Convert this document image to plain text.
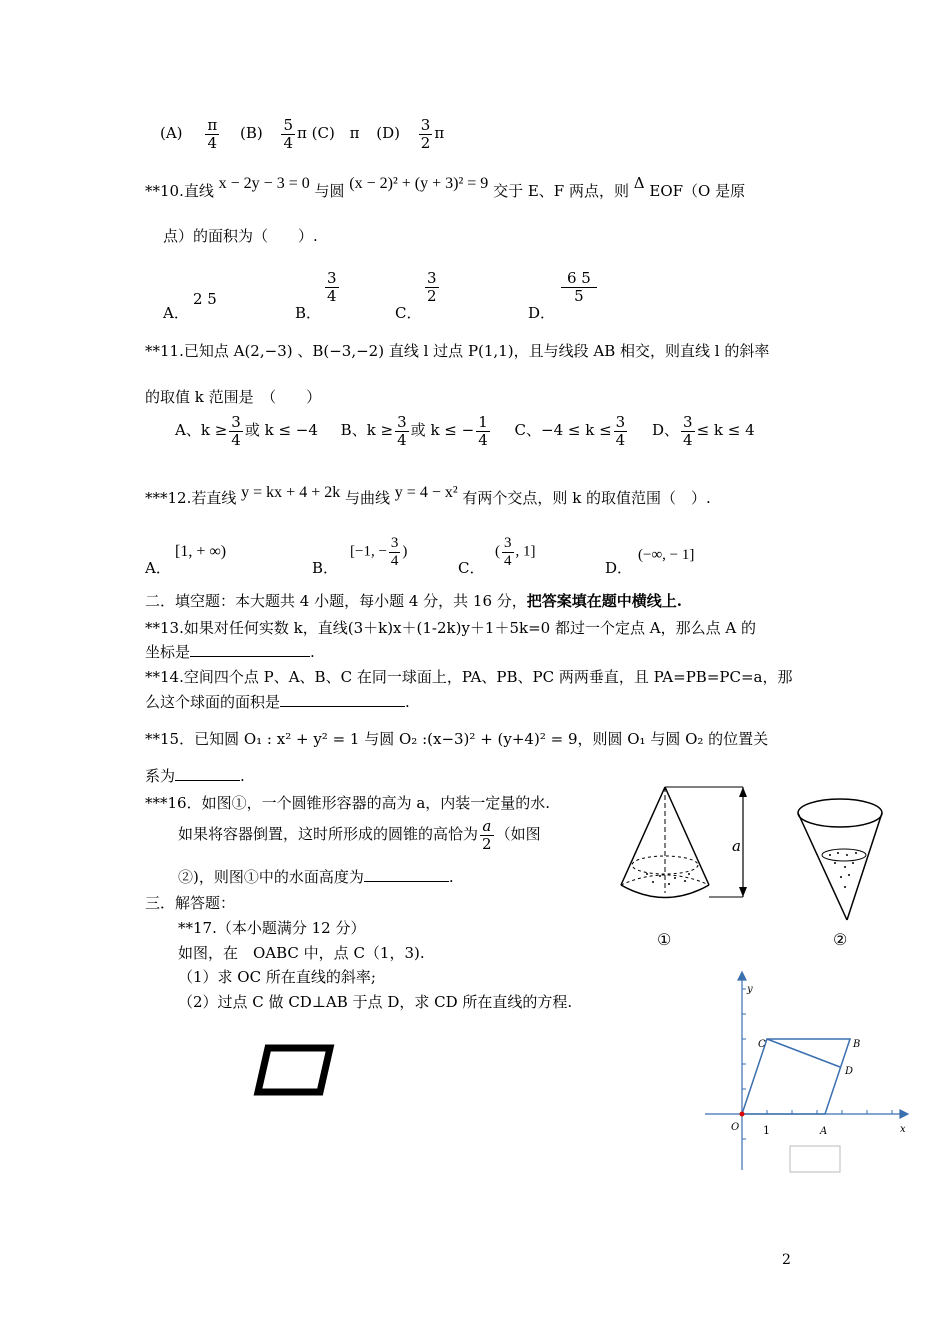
$(A) \frac{\pi}{4} (B) \frac{5}{4}$ π (C) π $(D) \frac{3}{2}$ π
**10.直线 x − 2y − 3 = 0 与圆 (x − 2)² + (y + 3)² = 9 交于 E、F 两点，则 Δ EOF（O 是原
点）的面积为（　　）.
A．
2 5
B．
$\frac{3}{4}$
C．
$\frac{3}{2}$
D．
$\frac{6 5}{5}$
**11.已知点 A(2,−3) 、B(−3,−2) 直线 l 过点 P(1,1)，且与线段 AB 相交，则直线 l 的斜率
的取值 k 范围是　（　　）
A、$k \ge \frac{3}{4}$ 或 k ≤ −4 B、$k \ge \frac{3}{4}$ 或 k ≤ − $\frac{1}{4}$ C、$-4 \le k \le \frac{3}{4}$ D、 $\frac{3}{4} \le k \le 4$
***12.若直线 y = kx + 4 + 2k 与曲线 y = 4 − x² 有两个交点，则 k 的取值范围（　）.
A．
[1, + ∞)
B．
[−1, − $\frac{3}{4}$ )
C．
( $\frac{3}{4}$ , 1]
D．
(−∞, − 1]
二．填空题：本大题共 4 小题，每小题 4 分，共 16 分，把答案填在题中横线上.
**13.如果对任何实数 k，直线(3＋k)x＋(1-2k)y＋1＋5k=0 都过一个定点 A，那么点 A 的
坐标是	.
**14.空间四个点 P、A、B、C 在同一球面上，PA、PB、PC 两两垂直，且 PA=PB=PC=a，那
么这个球面的面积是	.
**15．已知圆 O₁ : x² + y² = 1 与圆 O₂ :(x−3)² + (y+4)² = 9，则圆 O₁ 与圆 O₂ 的位置关
系为	.
***16．如图①，一个圆锥形容器的高为 a，内装一定量的水.
如果将容器倒置，这时所形成的圆锥的高恰为 $\frac{a}{2}$ （如图
②)，则图①中的水面高度为	.
a
①	②
三．解答题：
**17.（本小题满分 12 分）
如图，在　OABC 中，点 C（1，3).
（1）求 OC 所在直线的斜率;
（2）过点 C 做 CD⊥AB 于点 D，求 CD 所在直线的方程.
y
x
O	A
B
C
D
1
2
